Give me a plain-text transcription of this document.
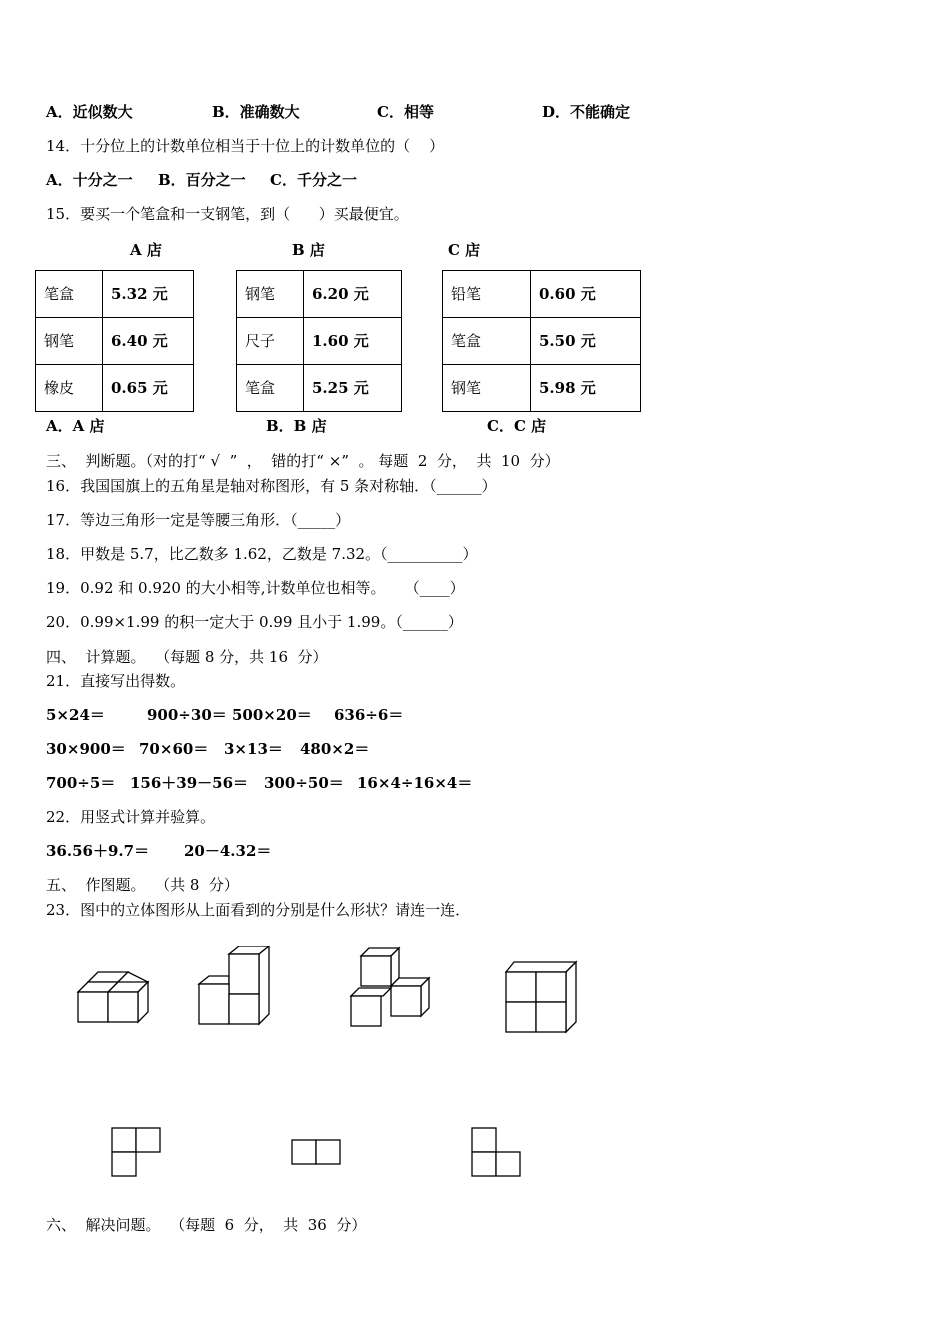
A．近似数大	B．准确数大	C．相等	D．不能确定
14．十分位上的计数单位相当于十位上的计数单位的（    ）
A．十分之一 B．百分之一 C．千分之一
15．要买一个笔盒和一支钢笔，到（      ）买最便宜。
A 店	B 店	C 店
笔盒	5.32 元
钢笔	6.40 元
橡皮	0.65 元
钢笔	6.20 元
尺子	1.60 元
笔盒	5.25 元
铅笔	0.60 元
笔盒	5.50 元
钢笔	5.98 元
A．A 店	B．B 店	C．C 店
三、  判断题。（对的打“ √  ”  ，  错的打“ ×”  。 每题  2  分，  共  10  分）
16．我国国旗上的五角星是轴对称图形，有 5 条对称轴．（______）
17．等边三角形一定是等腰三角形．（_____）
18．甲数是 5.7，比乙数多 1.62，乙数是 7.32。（__________）
19．0.92 和 0.920 的大小相等,计数单位也相等。    （____）
20．0.99×1.99 的积一定大于 0.99 且小于 1.99。（______）
四、  计算题。  （每题 8 分，共 16  分）
21．直接写出得数。
5×24＝	900÷30＝ 500×20＝ 636÷6＝
30×900＝ 70×60＝ 3×13＝ 480×2＝
700÷5＝ 156＋39－56＝ 300÷50＝ 16×4÷16×4＝
22．用竖式计算并验算。
36.56＋9.7＝ 20－4.32＝
五、  作图题。  （共 8  分）
23．图中的立体图形从上面看到的分别是什么形状？请连一连．
六、  解决问题。  （每题  6  分，  共  36  分）
